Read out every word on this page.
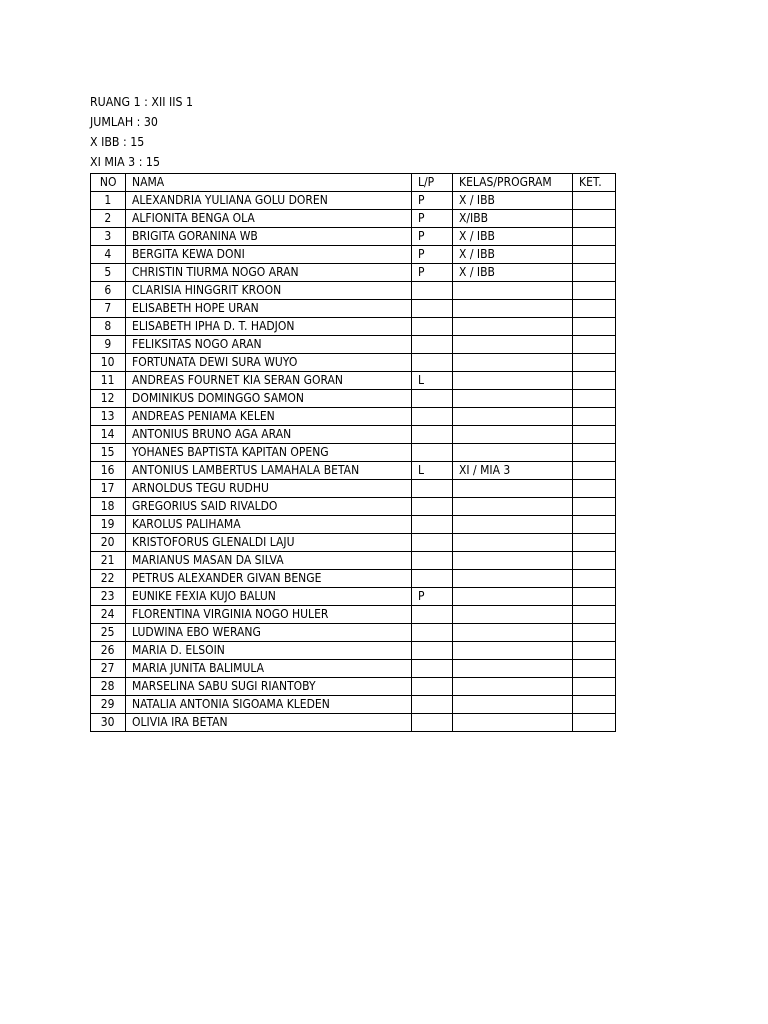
RUANG 1 : XII IIS 1
JUMLAH : 30
X IBB : 15
XI MIA 3 : 15
NO	NAMA	L/P	KELAS/PROGRAM	KET.
1	ALEXANDRIA YULIANA GOLU DOREN	P	X / IBB	
2	ALFIONITA BENGA OLA	P	X/IBB	
3	BRIGITA GORANINA WB	P	X / IBB	
4	BERGITA KEWA DONI	P	X / IBB	
5	CHRISTIN TIURMA NOGO ARAN	P	X / IBB	
6	CLARISIA HINGGRIT KROON			
7	ELISABETH HOPE URAN			
8	ELISABETH IPHA D. T. HADJON			
9	FELIKSITAS NOGO ARAN			
10	FORTUNATA DEWI SURA WUYO			
11	ANDREAS FOURNET KIA SERAN GORAN	L		
12	DOMINIKUS DOMINGGO SAMON			
13	ANDREAS PENIAMA KELEN			
14	ANTONIUS BRUNO AGA ARAN			
15	YOHANES BAPTISTA KAPITAN OPENG			
16	ANTONIUS LAMBERTUS LAMAHALA BETAN	L	XI / MIA 3	
17	ARNOLDUS TEGU RUDHU			
18	GREGORIUS SAID RIVALDO			
19	KAROLUS PALIHAMA			
20	KRISTOFORUS GLENALDI LAJU			
21	MARIANUS MASAN DA SILVA			
22	PETRUS ALEXANDER GIVAN BENGE			
23	EUNIKE FEXIA KUJO BALUN	P		
24	FLORENTINA VIRGINIA NOGO HULER			
25	LUDWINA EBO WERANG			
26	MARIA D. ELSOIN			
27	MARIA JUNITA BALIMULA			
28	MARSELINA SABU SUGI RIANTOBY			
29	NATALIA ANTONIA SIGOAMA KLEDEN			
30	OLIVIA IRA BETAN			
